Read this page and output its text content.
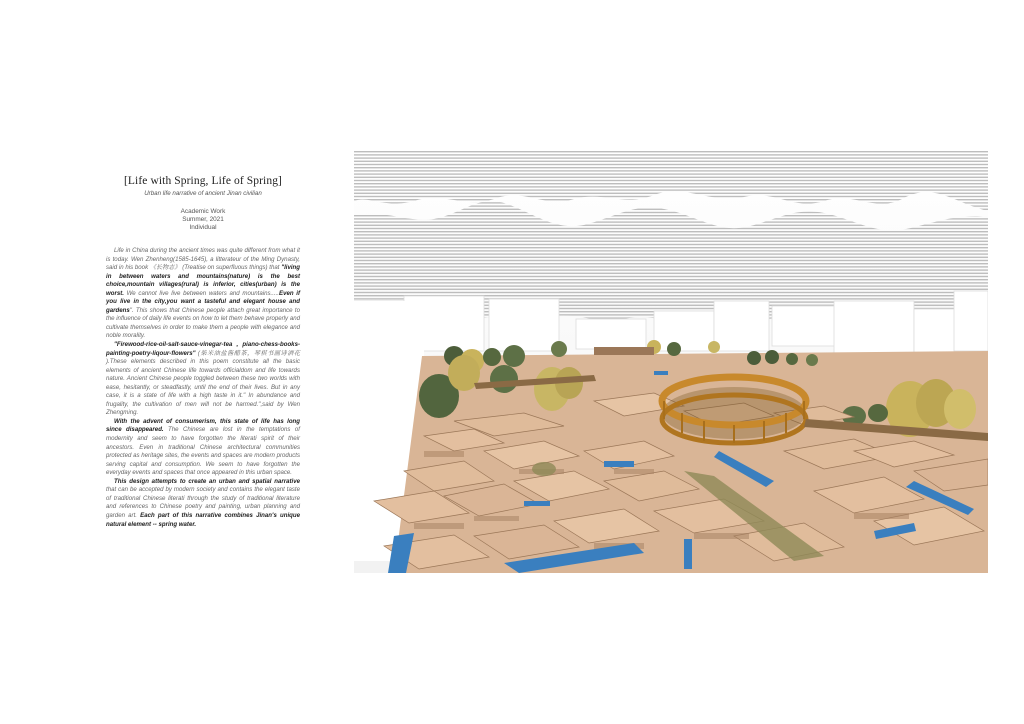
[Life with Spring, Life of Spring]
Urban life narrative of ancient Jinan civilian
Academic Work
Summer, 2021
Individual

Life in China during the ancient times was quite different from what it is today. Wen Zhenheng(1585-1645), a litterateur of the Ming Dynasty, said in his book 《长物志》 (Treatise on superfluous things) that "living in between waters and mountains(nature) is the best choice,mountain villages(rural) is inferior, cities(urban) is the worst. We cannot live live between waters and mountains.....Even if you live in the city,you want a tasteful and elegant house and gardens". This shows that Chinese people attach great importance to the influence of daily life events on how to let them behave properly and cultivate themselves in order to make them a people with elegance and noble morality.

"Firewood-rice-oil-salt-sauce-vinegar-tea , piano-chess-books-painting-poetry-liqour-flowers" (柴米油盐酱醋茶，琴棋书画诗酒花 ).These elements described in this poem constitute all the basic elements of ancient Chinese life towards officialdom and life towards nature. Ancient Chinese people toggled between these two worlds with ease, hesitantly, or steadfastly, until the end of their lives. But in any case, it is a state of life with a high taste in it." In abundance and frugality, the cultivation of men will not be harmed.",said by Wen Zhengming.

With the advent of consumerism, this state of life has long since disappeared. The Chinese are lost in the temptations of modernity and seem to have forgotten the literati spirit of their ancestors. Even in traditional Chinese architectural communities protected as heritage sites, the events and spaces are modern products serving capital and consumption. We seem to have forgotten the everyday events and spaces that once appeared in this urban space.

This design attempts to create an urban and spatial narrative that can be accepted by modern society and contains the elegant taste of traditional Chinese literati through the study of traditional literature and references to Chinese poetry and painting, urban planning and garden art. Each part of this narrative combines Jinan's unique natural element -- spring water.
